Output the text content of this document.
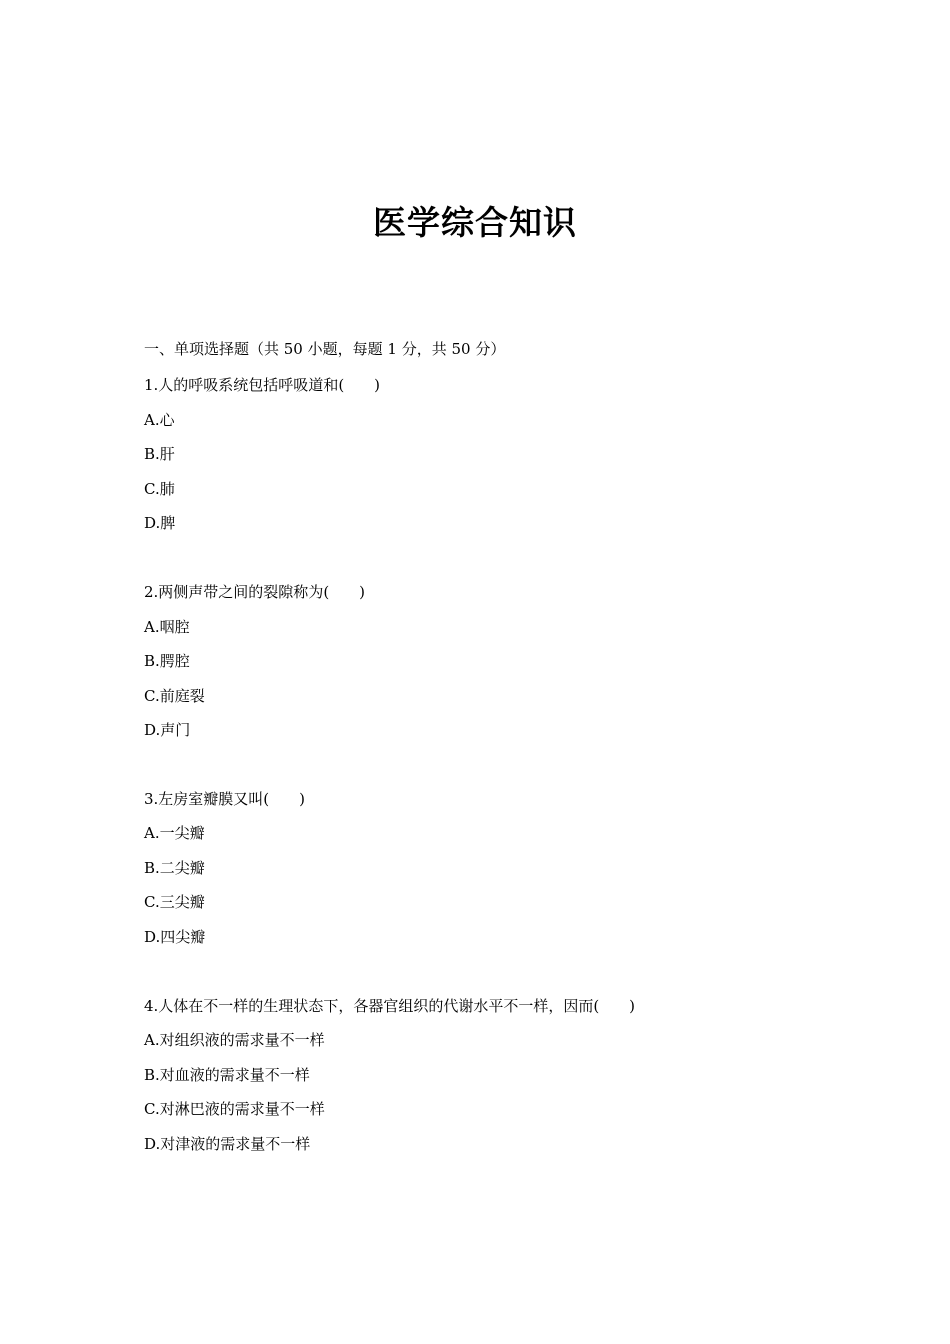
医学综合知识
一、单项选择题（共 50 小题，每题 1 分，共 50 分）
1.人的呼吸系统包括呼吸道和(　　)
A.心
B.肝
C.肺
D.脾
2.两侧声带之间的裂隙称为(　　)
A.咽腔
B.腭腔
C.前庭裂
D.声门
3.左房室瓣膜又叫(　　)
A.一尖瓣
B.二尖瓣
C.三尖瓣
D.四尖瓣
4.人体在不一样的生理状态下，各器官组织的代谢水平不一样，因而(　　)
A.对组织液的需求量不一样
B.对血液的需求量不一样
C.对淋巴液的需求量不一样
D.对津液的需求量不一样
